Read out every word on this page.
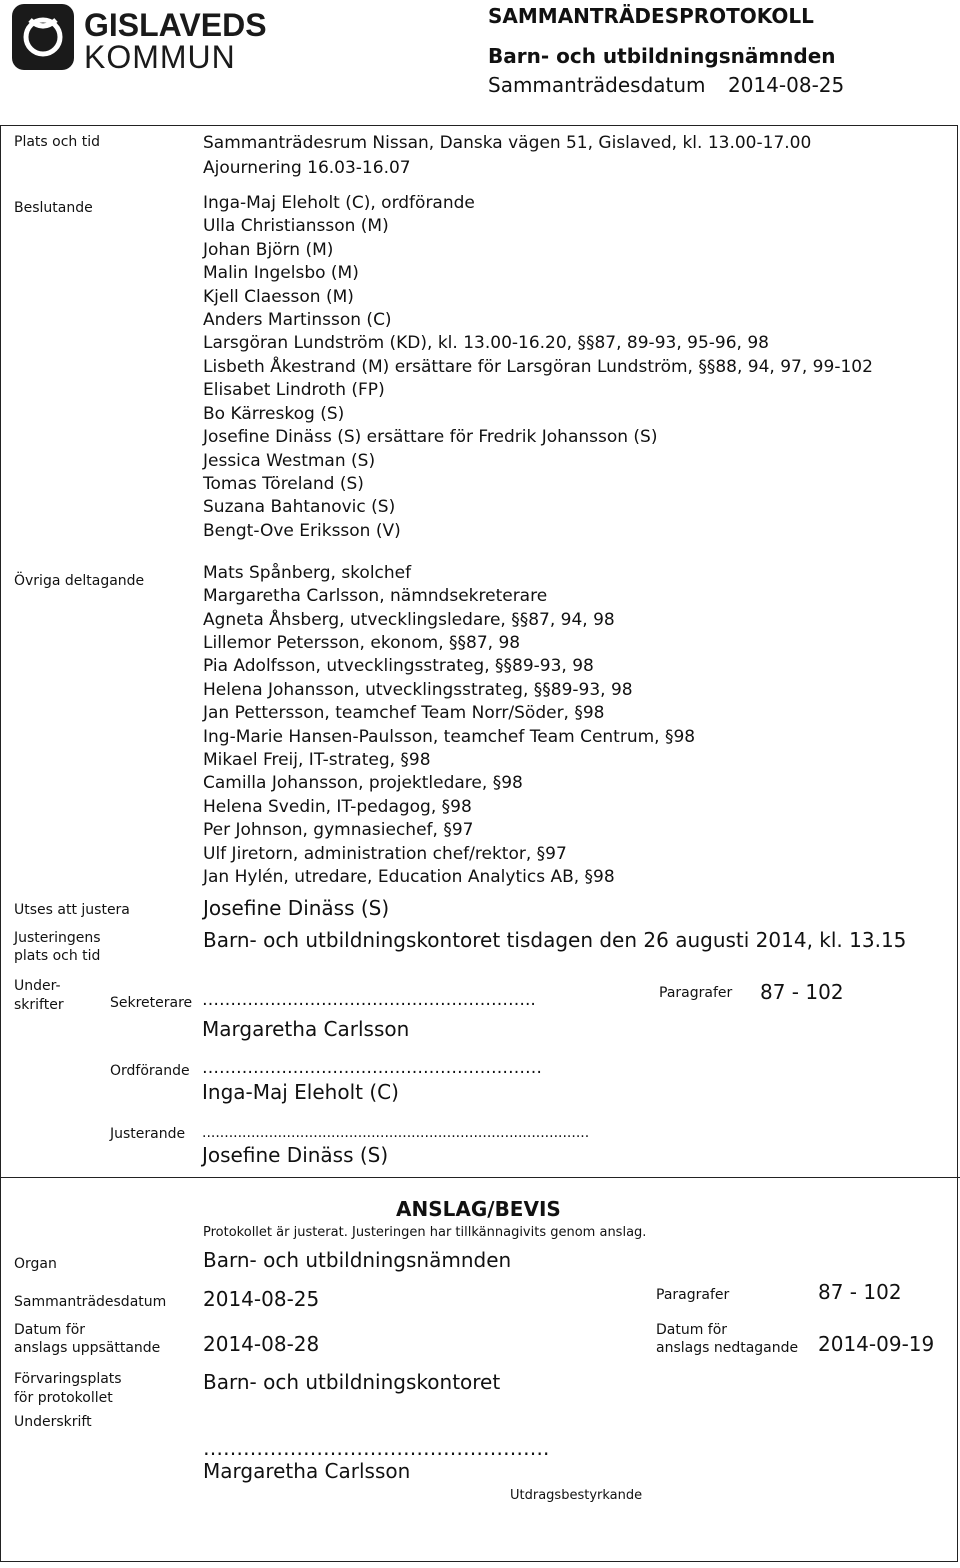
GISLAVEDS
KOMMUN
SAMMANTRÄDESPROTOKOLL
Barn- och utbildningsnämnden
Sammanträdesdatum 2014-08-25
Plats och tid	Sammanträdesrum Nissan, Danska vägen 51, Gislaved, kl. 13.00-17.00
Ajournering 16.03-16.07
Beslutande	Inga-Maj Eleholt (C), ordförande
Ulla Christiansson (M)
Johan Björn (M)
Malin Ingelsbo (M)
Kjell Claesson (M)
Anders Martinsson (C)
Larsgöran Lundström (KD), kl. 13.00-16.20, §§87, 89-93, 95-96, 98
Lisbeth Åkestrand (M) ersättare för Larsgöran Lundström, §§88, 94, 97, 99-102
Elisabet Lindroth (FP)
Bo Kärreskog (S)
Josefine Dinäss (S) ersättare för Fredrik Johansson (S)
Jessica Westman (S)
Tomas Töreland (S)
Suzana Bahtanovic (S)
Bengt-Ove Eriksson (V)
Övriga deltagande	Mats Spånberg, skolchef
Margaretha Carlsson, nämndsekreterare
Agneta Åhsberg, utvecklingsledare, §§87, 94, 98
Lillemor Petersson, ekonom, §§87, 98
Pia Adolfsson, utvecklingsstrateg, §§89-93, 98
Helena Johansson, utvecklingsstrateg, §§89-93, 98
Jan Pettersson, teamchef Team Norr/Söder, §98
Ing-Marie Hansen-Paulsson, teamchef Team Centrum, §98
Mikael Freij, IT-strateg, §98
Camilla Johansson, projektledare, §98
Helena Svedin, IT-pedagog, §98
Per Johnson, gymnasiechef, §97
Ulf Jiretorn, administration chef/rektor, §97
Jan Hylén, utredare, Education Analytics AB, §98
Utses att justera	Josefine Dinäss (S)
Justeringens
plats och tid
Barn- och utbildningskontoret tisdagen den 26 augusti 2014, kl. 13.15
Under-
skrifter
Paragrafer 87 - 102
Sekreterare …………………………………………………..
Margaretha Carlsson
Ordförande ……………………………………………………
Inga-Maj Eleholt (C)
Justerande .......................................................................................
Josefine Dinäss (S)
ANSLAG/BEVIS
Protokollet är justerat. Justeringen har tillkännagivits genom anslag.
Organ	Barn- och utbildningsnämnden
Sammanträdesdatum 2014-08-25	Paragrafer	87 - 102
Datum för
anslags uppsättande 2014-08-28
Datum för
anslags nedtagande 2014-09-19
Förvaringsplats
för protokollet
Barn- och utbildningskontoret
Underskrift
…………………………………………….
Margaretha Carlsson
Utdragsbestyrkande
